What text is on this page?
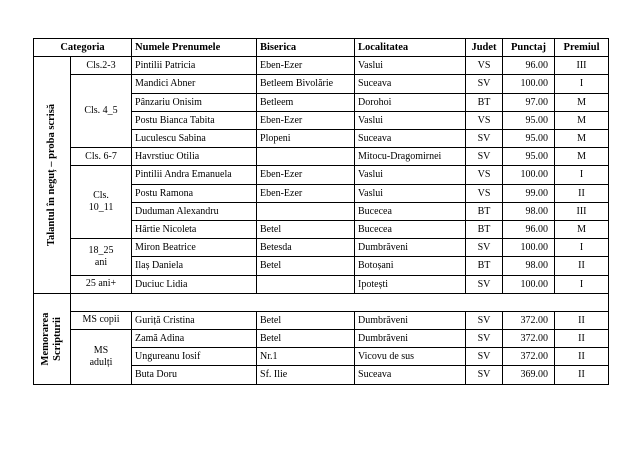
Categoria		Numele Prenumele	Biserica	Localitatea	Judet	Punctaj	Premiul

Talantul în neguț – proba scrisă	Cls.2-3	Pintilii Patricia	Eben-Ezer	Vaslui	VS	96.00	III
	Cls. 4_5	Mandici Abner	Betleem Bivolărie	Suceava	SV	100.00	I
		Pânzariu Onisim	Betleem	Dorohoi	BT	97.00	M
		Postu Bianca Tabita	Eben-Ezer	Vaslui	VS	95.00	M
		Luculescu Sabina	Plopeni	Suceava	SV	95.00	M
	Cls. 6-7	Havrstiuc Otilia		Mitocu-Dragomirnei	SV	95.00	M
	Cls.
10_11	Pintilii Andra Emanuela	Eben-Ezer	Vaslui	VS	100.00	I
		Postu Ramona	Eben-Ezer	Vaslui	VS	99.00	II
		Duduman Alexandru		Bucecea	BT	98.00	III
		Hârtie Nicoleta	Betel	Bucecea	BT	96.00	M
	18_25
ani	Miron Beatrice	Betesda	Dumbrăveni	SV	100.00	I
		Ilaș Daniela	Betel	Botoșani	BT	98.00	II
	25 ani+	Duciuc Lidia		Ipotești	SV	100.00	I

Memorarea Scripturii							

	MS copii	Guriță Cristina	Betel	Dumbrăveni	SV	372.00	II
	MS
adulți	Zamă Adina	Betel	Dumbrăveni	SV	372.00	II
		Ungureanu Iosif	Nr.1	Vicovu de sus	SV	372.00	II
		Buta Doru	Sf. Ilie	Suceava	SV	369.00	II
